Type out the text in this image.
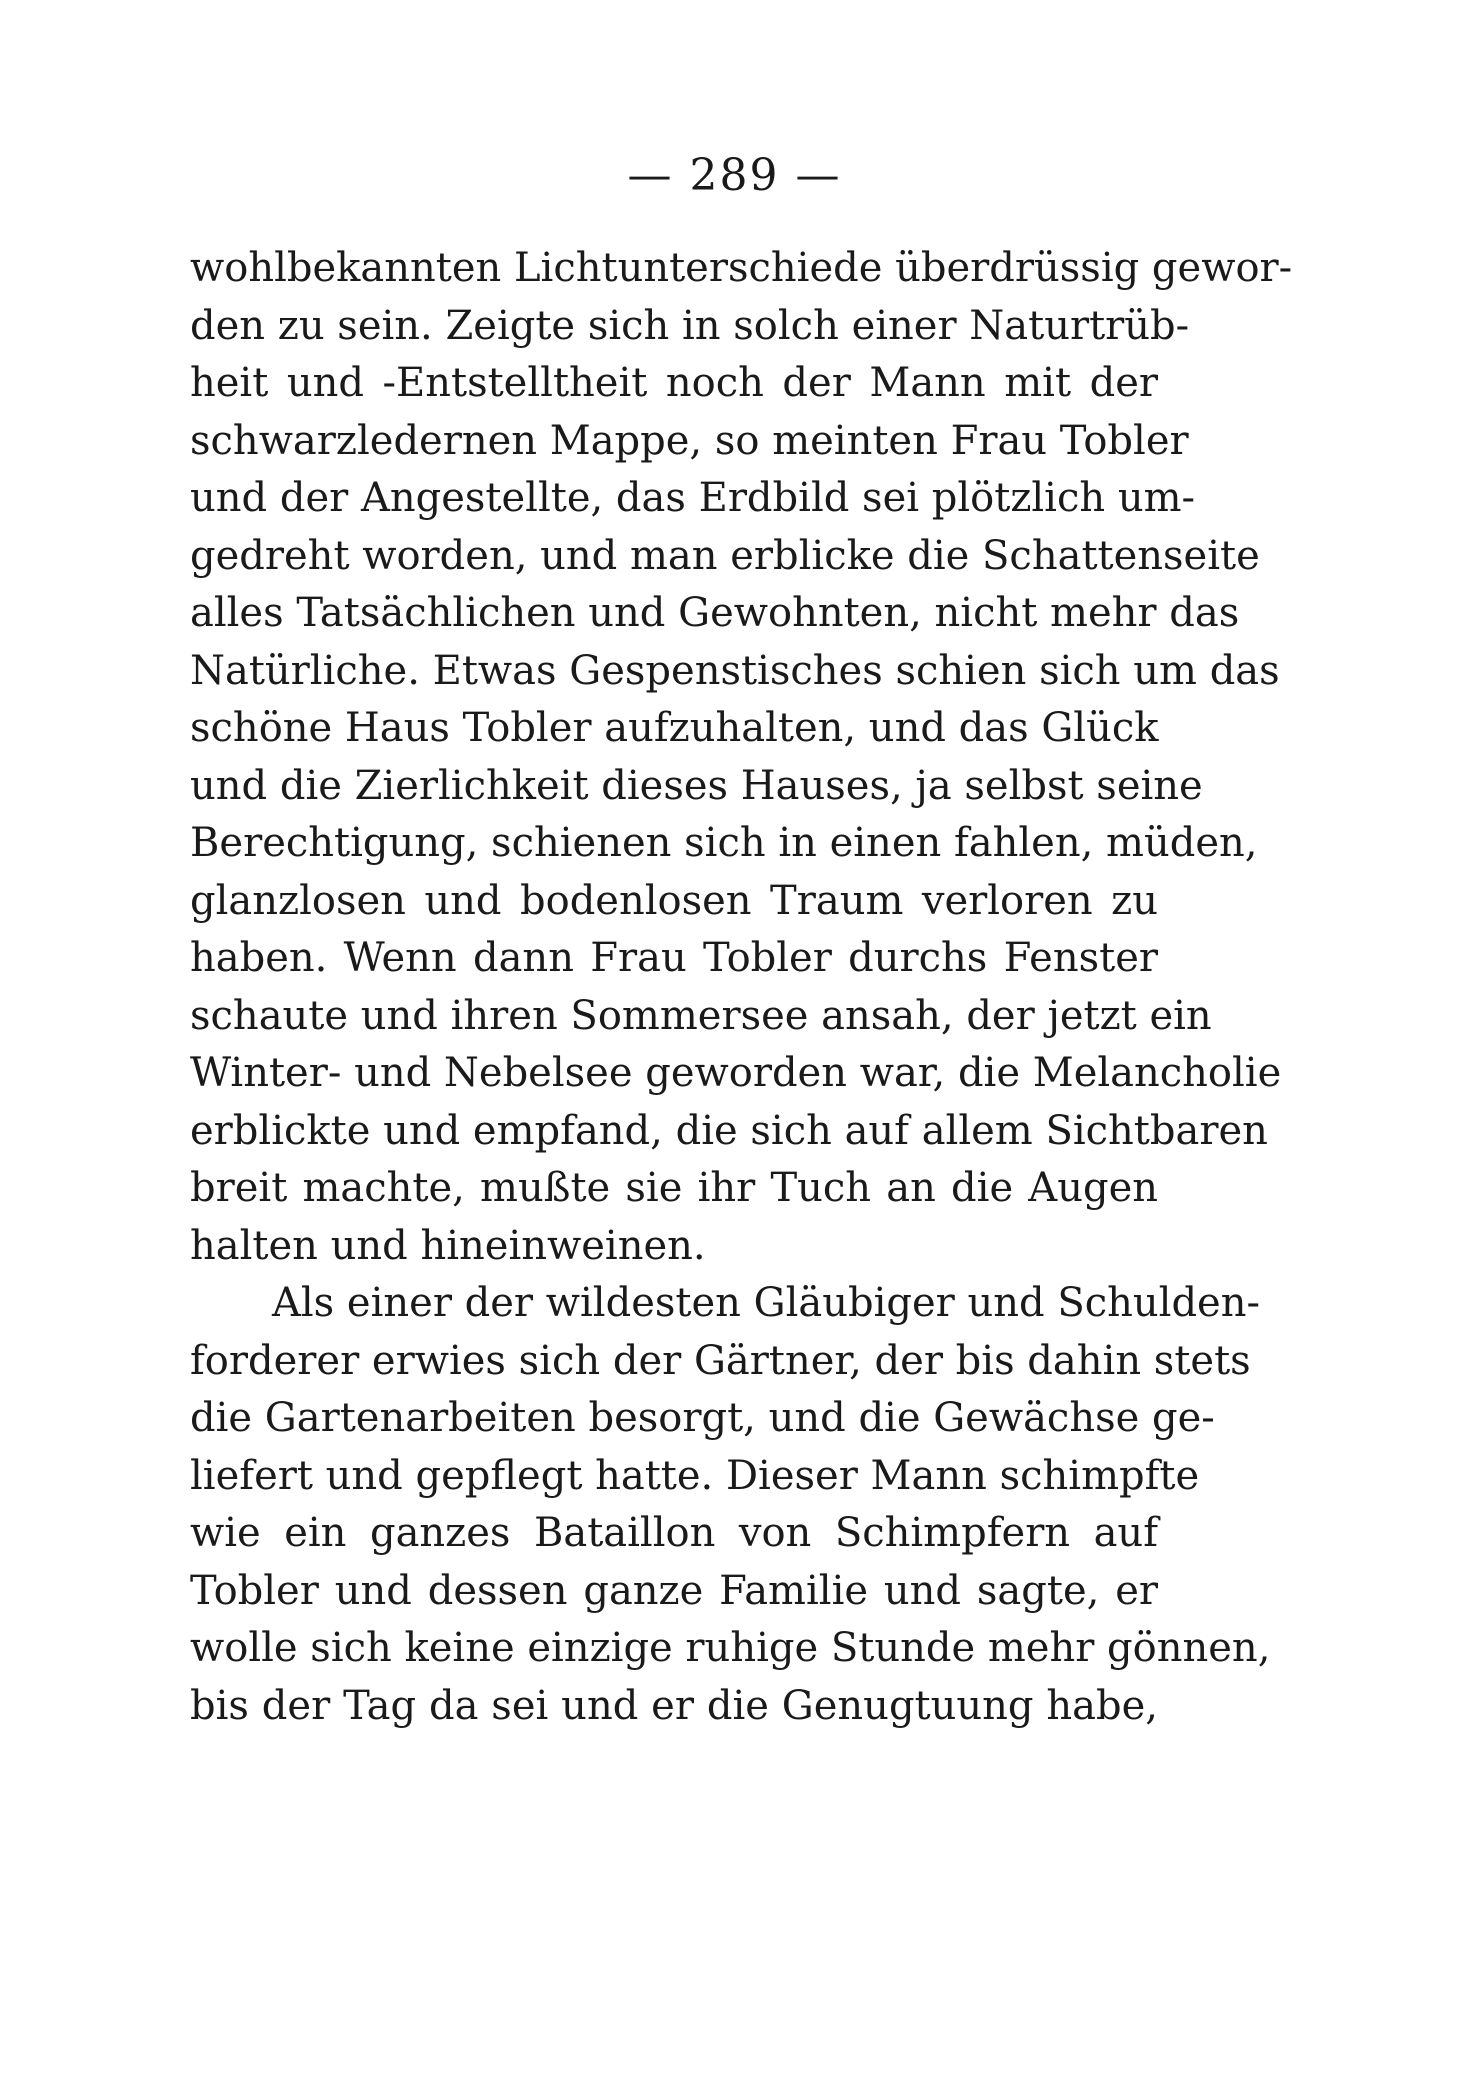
— 289 —
wohlbekannten Lichtunterschiede überdrüssig gewor-
den zu sein. Zeigte sich in solch einer Naturtrüb-
heit und -Entstelltheit noch der Mann mit der
schwarzledernen Mappe, so meinten Frau Tobler
und der Angestellte, das Erdbild sei plötzlich um-
gedreht worden, und man erblicke die Schattenseite
alles Tatsächlichen und Gewohnten, nicht mehr das
Natürliche. Etwas Gespenstisches schien sich um das
schöne Haus Tobler aufzuhalten, und das Glück
und die Zierlichkeit dieses Hauses, ja selbst seine
Berechtigung, schienen sich in einen fahlen, müden,
glanzlosen und bodenlosen Traum verloren zu
haben. Wenn dann Frau Tobler durchs Fenster
schaute und ihren Sommersee ansah, der jetzt ein
Winter- und Nebelsee geworden war, die Melancholie
erblickte und empfand, die sich auf allem Sichtbaren
breit machte, mußte sie ihr Tuch an die Augen
halten und hineinweinen.
Als einer der wildesten Gläubiger und Schulden-
forderer erwies sich der Gärtner, der bis dahin stets
die Gartenarbeiten besorgt, und die Gewächse ge-
liefert und gepflegt hatte. Dieser Mann schimpfte
wie ein ganzes Bataillon von Schimpfern auf
Tobler und dessen ganze Familie und sagte, er
wolle sich keine einzige ruhige Stunde mehr gönnen,
bis der Tag da sei und er die Genugtuung habe,
